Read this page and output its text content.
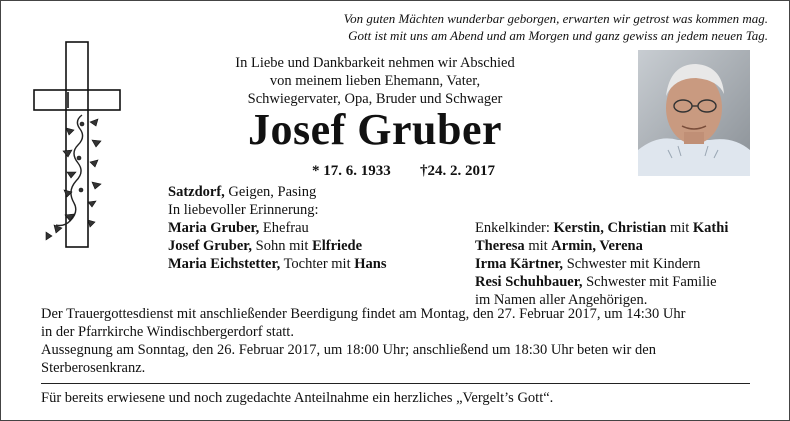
Von guten Mächten wunderbar geborgen, erwarten wir getrost was kommen mag.
Gott ist mit uns am Abend und am Morgen und ganz gewiss an jedem neuen Tag.
In Liebe und Dankbarkeit nehmen wir Abschied
von meinem lieben Ehemann, Vater,
Schwiegervater, Opa, Bruder und Schwager
Josef Gruber
* 17. 6. 1933 †24. 2. 2017
Satzdorf, Geigen, Pasing
In liebevoller Erinnerung:
Maria Gruber, Ehefrau
Josef Gruber, Sohn mit Elfriede
Maria Eichstetter, Tochter mit Hans
Enkelkinder: Kerstin, Christian mit Kathi
Theresa mit Armin, Verena
Irma Kärtner, Schwester mit Kindern
Resi Schuhbauer, Schwester mit Familie
im Namen aller Angehörigen.
Der Trauergottesdienst mit anschließender Beerdigung findet am Montag, den 27. Februar 2017, um 14:30 Uhr
in der Pfarrkirche Windischbergerdorf statt.
Aussegnung am Sonntag, den 26. Februar 2017, um 18:00 Uhr; anschließend um 18:30 Uhr beten wir den
Sterberosenkranz.
Für bereits erwiesene und noch zugedachte Anteilnahme ein herzliches „Vergelt’s Gott“.
